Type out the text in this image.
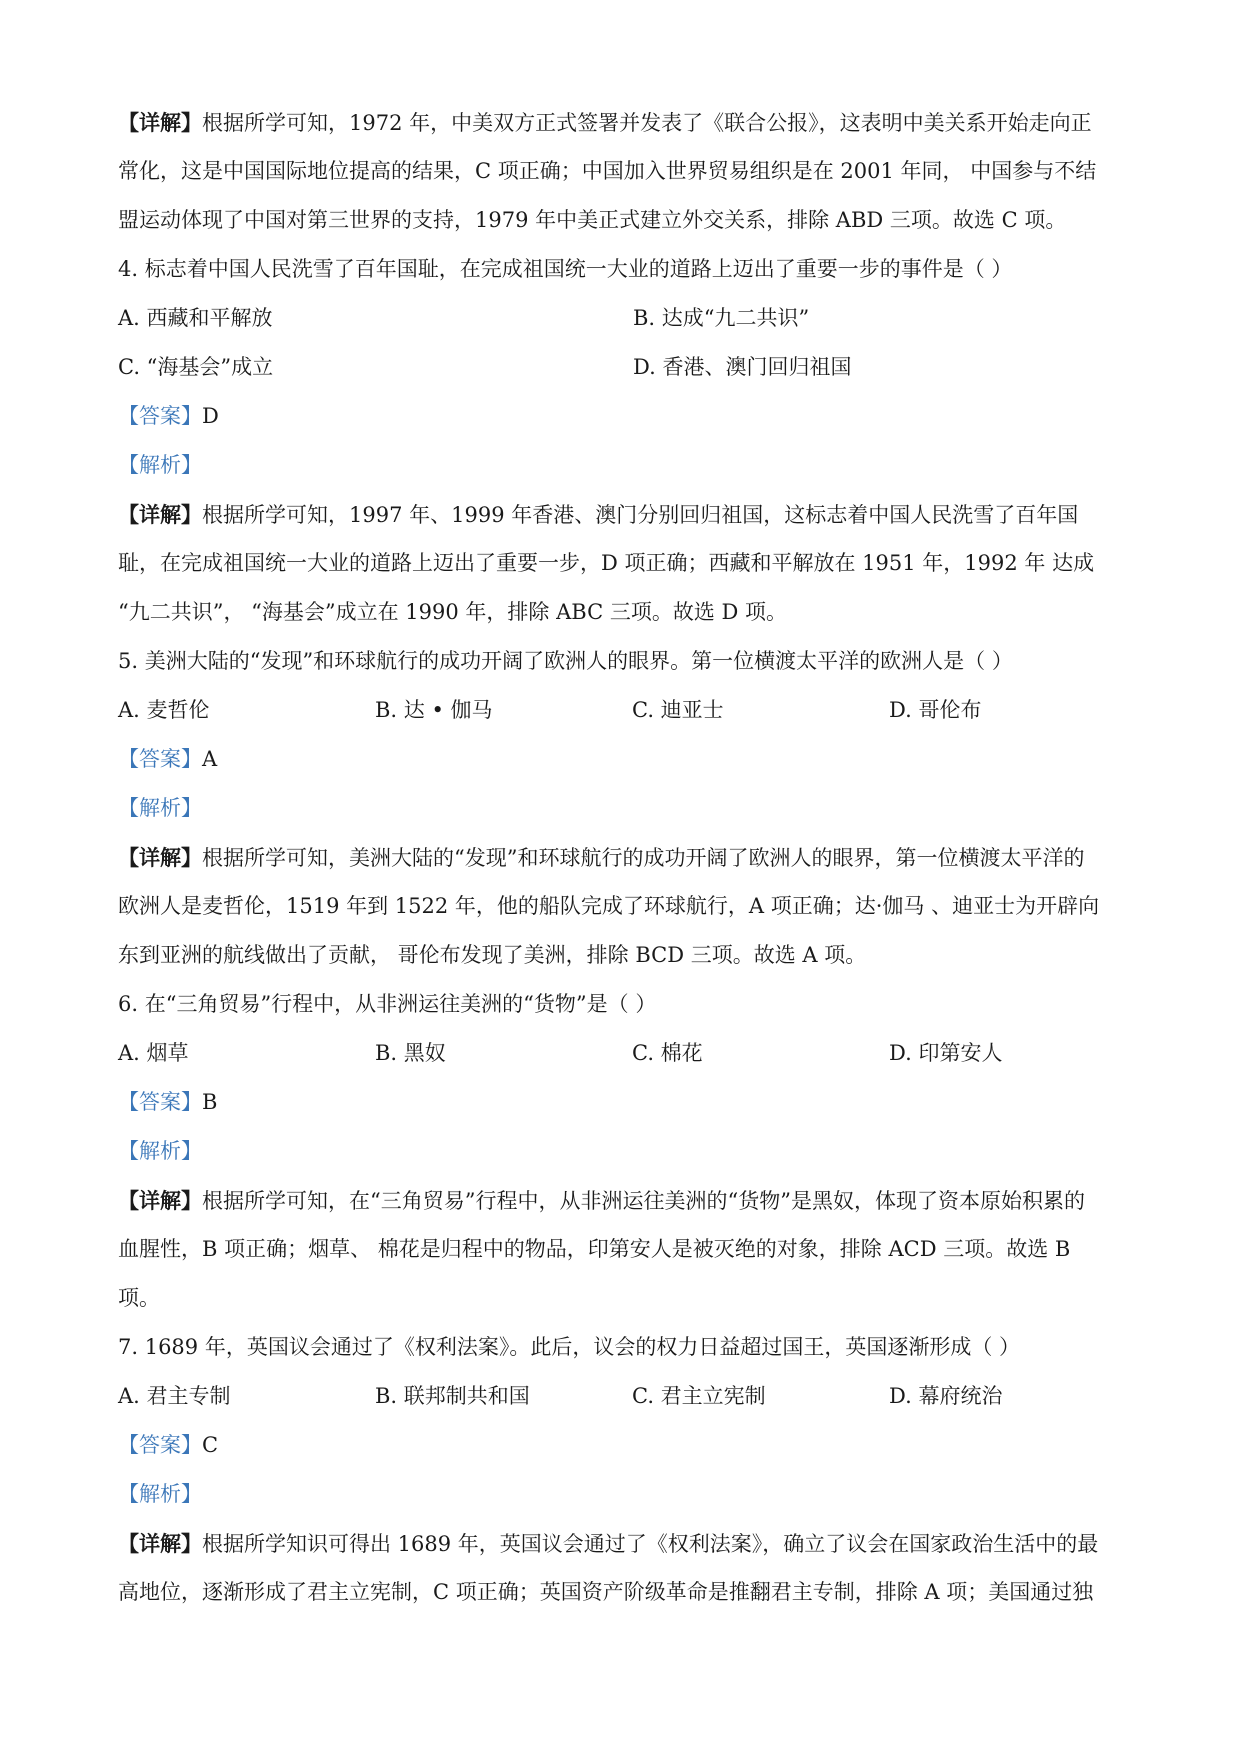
【详解】根据所学可知，1972 年，中美双方正式签署并发表了《联合公报》，这表明中美关系开始走向正
常化，这是中国国际地位提高的结果，C 项正确；中国加入世界贸易组织是在 2001 年同， 中国参与不结
盟运动体现了中国对第三世界的支持，1979 年中美正式建立外交关系，排除 ABD 三项。故选 C 项。
4. 标志着中国人民洗雪了百年国耻，在完成祖国统一大业的道路上迈出了重要一步的事件是（ ）
A. 西藏和平解放	B. 达成“九二共识”
C. “海基会”成立	D. 香港、澳门回归祖国
【答案】D
【解析】
【详解】根据所学可知，1997 年、1999 年香港、澳门分别回归祖国，这标志着中国人民洗雪了百年国
耻，在完成祖国统一大业的道路上迈出了重要一步，D 项正确；西藏和平解放在 1951 年，1992 年 达成
“九二共识”， “海基会”成立在 1990 年，排除 ABC 三项。故选 D 项。
5. 美洲大陆的“发现”和环球航行的成功开阔了欧洲人的眼界。第一位横渡太平洋的欧洲人是（ ）
A. 麦哲伦	B. 达 • 伽马	C. 迪亚士	D. 哥伦布
【答案】A
【解析】
【详解】根据所学可知，美洲大陆的“发现”和环球航行的成功开阔了欧洲人的眼界，第一位横渡太平洋的
欧洲人是麦哲伦，1519 年到 1522 年，他的船队完成了环球航行，A 项正确；达·伽马 、迪亚士为开辟向
东到亚洲的航线做出了贡献， 哥伦布发现了美洲，排除 BCD 三项。故选 A 项。
6. 在“三角贸易”行程中，从非洲运往美洲的“货物”是（ ）
A. 烟草	B. 黑奴	C. 棉花	D. 印第安人
【答案】B
【解析】
【详解】根据所学可知，在“三角贸易”行程中，从非洲运往美洲的“货物”是黑奴，体现了资本原始积累的
血腥性，B 项正确；烟草、 棉花是归程中的物品，印第安人是被灭绝的对象，排除 ACD 三项。故选 B
项。
7. 1689 年，英国议会通过了《权利法案》。此后，议会的权力日益超过国王，英国逐渐形成（ ）
A. 君主专制	B. 联邦制共和国	C. 君主立宪制	D. 幕府统治
【答案】C
【解析】
【详解】根据所学知识可得出 1689 年，英国议会通过了《权利法案》，确立了议会在国家政治生活中的最
高地位，逐渐形成了君主立宪制，C 项正确；英国资产阶级革命是推翻君主专制，排除 A 项；美国通过独
